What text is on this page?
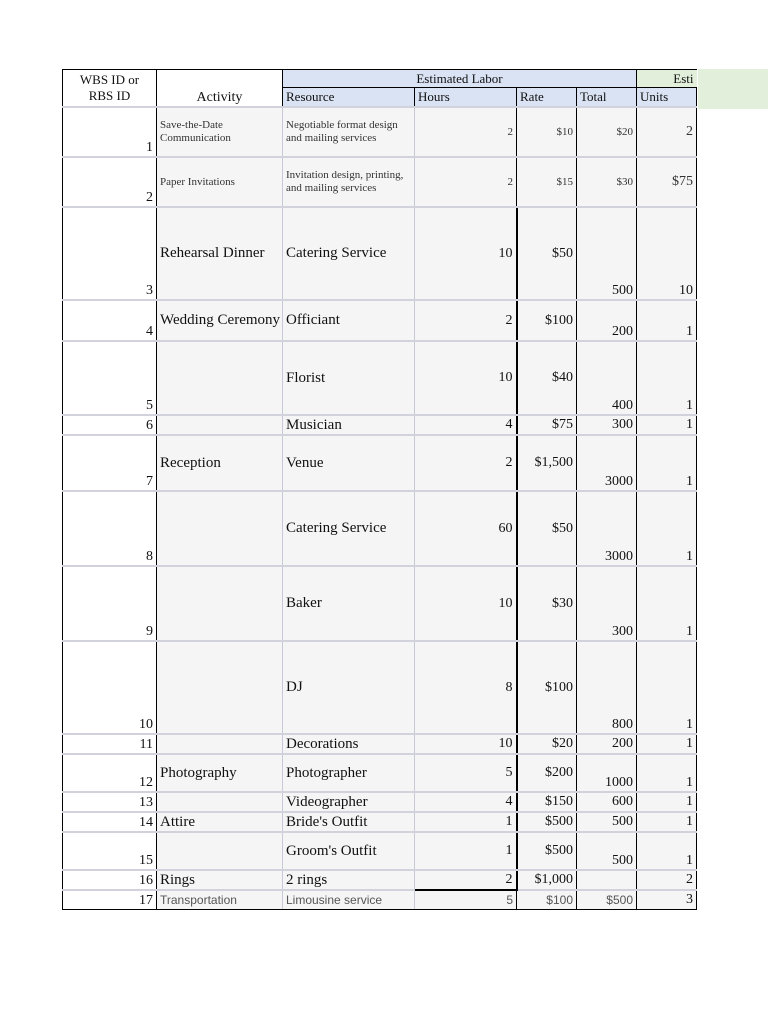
WBS ID or
RBS ID	Activity	Estimated Labor				Esti
		Resource	Hours	Rate	Total	Units
1	Save-the-Date Communication	Negotiable format design and mailing services	2	$10	$20	2
2	Paper Invitations	Invitation design, printing, and mailing services	2	$15	$30	$75
3	Rehearsal Dinner	Catering Service	10	$50	500	10
4	Wedding Ceremony	Officiant	2	$100	200	1
5		Florist	10	$40	400	1
6		Musician	4	$75	300	1
7	Reception	Venue	2	$1,500	3000	1
8		Catering Service	60	$50	3000	1
9		Baker	10	$30	300	1
10		DJ	8	$100	800	1
11		Decorations	10	$20	200	1
12	Photography	Photographer	5	$200	1000	1
13		Videographer	4	$150	600	1
14	Attire	Bride's Outfit	1	$500	500	1
15		Groom's Outfit	1	$500	500	1
16	Rings	2 rings	2	$1,000		2
17	Transportation	Limousine service	5	$100	$500	3
